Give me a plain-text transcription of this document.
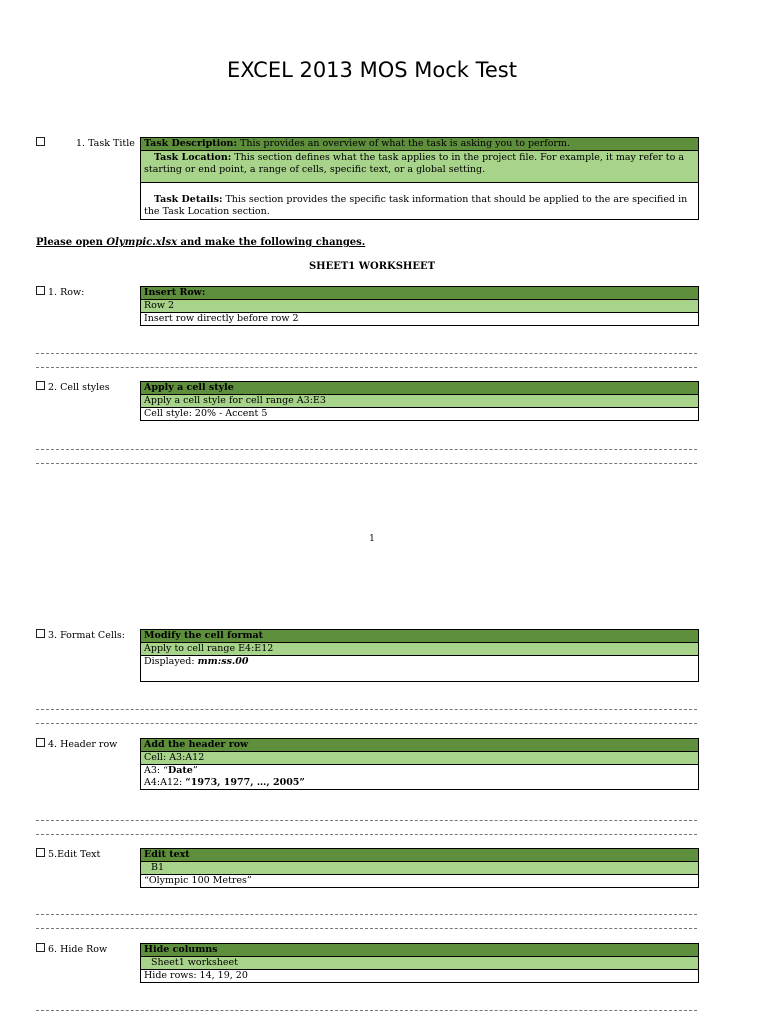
EXCEL 2013 MOS Mock Test
1. Task Title Task Description: This provides an overview of what the task is asking you to perform.
Task Location: This section defines what the task applies to in the project file. For example, it may refer to a starting or end point, a range of cells, specific text, or a global setting.
Task Details: This section provides the specific task information that should be applied to the are specified in the Task Location section.
Please open Olympic.xlsx and make the following changes.
SHEET1 WORKSHEET
1. Row:	Insert Row:
Row 2
Insert row directly before row 2
2. Cell styles	Apply a cell style
Apply a cell style for cell range A3:E3
Cell style: 20% - Accent 5
1
3. Format Cells:	Modify the cell format
Apply to cell range E4:E12
Displayed: mm:ss.00
4. Header row	Add the header row
Cell: A3:A12
A3: “Date”
A4:A12: “1973, 1977, …, 2005”
5.Edit Text	Edit text
B1
“Olympic 100 Metres”
6. Hide Row	Hide columns
Sheet1 worksheet
Hide rows: 14, 19, 20
